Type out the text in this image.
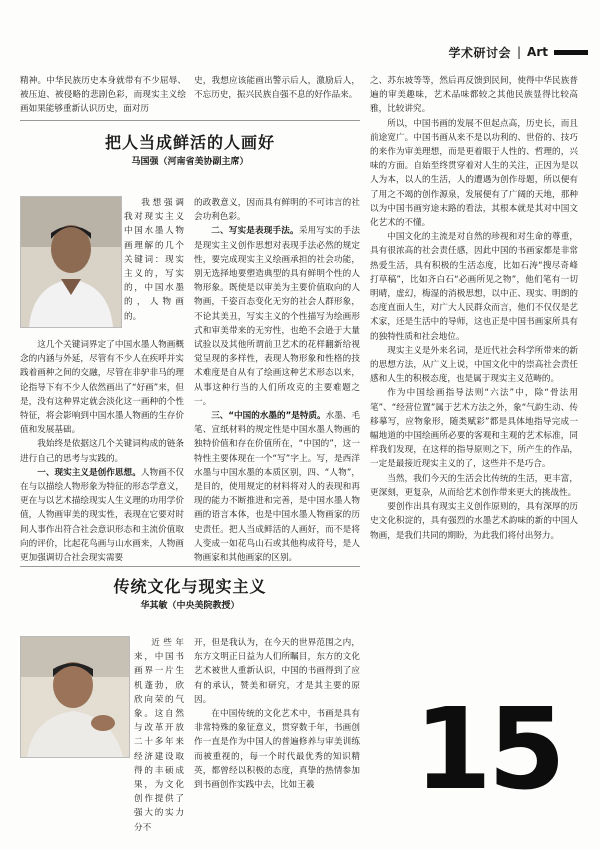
学术研讨会 | Art

精神。中华民族历史本身就带有不少屈辱、被压迫、被侵略的悲剧色彩，而现实主义绘画如果能够重新认识历史，面对历

史，我想应该能画出警示后人，激励后人，不忘历史，振兴民族自强不息的好作品来。

之、苏东坡等等，然后再反馈到民间，使得中华民族普遍的审美趣味，艺术品味都较之其他民族显得比较高雅，比较讲究。

所以，中国书画的发展不但起点高，历史长，而且前途宽广。中国书画从来不是以功利的、世俗的、技巧的来作为审美理想，而是更着眼于人性的、哲理的，兴味的方面。自始至终贯穿着对人生的关注，正因为是以人为本，以人的生活，人的遭遇为创作母题，所以便有了用之不竭的创作源泉，发展便有了广阔的天地，那种以为中国书画穷途末路的看法，其根本就是其对中国文化艺术的不懂。

中国文化的主流是对自然的珍视和对生命的尊重，具有很浓高的社会责任感，因此中国的书画家都是非常热爱生活，具有积极的生活态度，比如石涛“搜尽奇峰打草稿”，比如齐白石“必画所见之物”，他们笔有一切明晴，虚幻，梅湿的消极思想，以中正、现实、明朗的态度直面人生，对广大人民群众而言，他们不仅仅是艺术家，还是生活中的导师，这也正是中国书画家所具有的独特性质和社会地位。

现实主义是外来名词，是近代社会科学所带来的新的思想方法，从广义上说，中国文化中的崇高社会责任感和人生的积极态度，也是属于现实主义范畴的。

作为中国绘画指导法则“六法”中，除“骨法用笔”、“经营位置”属于艺术方法之外，象“气韵生动、传移摹写，应物象形，随类赋彩”都是具体地指导完成一幅地道的中国绘画所必要的客观和主观的艺术标准，同样我们发现，在这样的指导原则之下，所产生的作品，一定是最接近现实主义的了，这些并不是巧合。

当然，我们今天的生活会比传统的生活，更丰富，更深刻，更复杂，从而给艺术创作带来更大的挑战性。

要创作出具有现实主义创作原则的，具有深厚的历史文化积淀的，具有强烈的水墨艺术韵味的新的中国人物画，是我们共同的期盼，为此我们将付出努力。

把人当成鲜活的人画好
马国强（河南省美协副主席）

我想强调我对现实主义中国水墨人物画理解的几个关键词：现实主义的，写实的，中国水墨的，人物画的。

这几个关键词界定了中国水墨人物画概念的内涵与外延，尽管有不少人在疾呼并实践着画种之间的交融，尽管在非驴非马的理论指导下有不少人依然画出了“好画”来，但是，没有这种界定就会淡化这一画种的个性特征，将会影响到中国水墨人物画的生存价值和发展基础。

我始终是依据这几个关键词构成的链条进行自己的思考与实践的。

一、现实主义是创作思想。人物画不仅在与以描绘人物形象为特征的形态学意义，更在与以艺术描绘现实人生义理的功用学价值，人物画审美的现实性，表现在它要对时间人事作出符合社会意识形态和主流价值取向的评价，比起花鸟画与山水画来，人物画更加强调切合社会现实需要

的政教意义，因而具有鲜明的不可讳言的社会功利色彩。

二、写实是表现手法。采用写实的手法是现实主义创作思想对表现手法必然的规定性，要完成现实主义绘画承担的社会功能，别无选择地要塑造典型的具有鲜明个性的人物形象。既使是以审美为主要价值取向的人物画，千姿百态变化无穷的社会人群形象，不论其美丑，写实主义的个性描写为绘画形式和审美带来的无穷性，也绝不会逊于大量试验以及其他所谓前卫艺术的花样翻新给视觉呈现的多样性，表现人物形象和性格的技术难度是自从有了绘画这种艺术形态以来，从事这种行当的人们所攻克的主要难题之一。

三、“中国的水墨的”是特质。水墨、毛笔、宣纸材料的规定性是中国水墨人物画的独特价值和存在价值所在，“中国的”，这一特性主要体现在一个“写”字上。写，是西洋水墨与中国水墨的本质区别，四、“人物”，是目的，使用规定的材料将对人的表现和再现的能力不断推进和完善，是中国水墨人物画的语言本体，也是中国水墨人物画家的历史责任。把人当成鲜活的人画好，而不是将人变成一如花鸟山石或其他构成符号，是人物画家和其他画家的区别。

传统文化与现实主义
华其敏（中央美院教授）

近些年来，中国书画界一片生机蓬勃，欣欣向荣的气象。这自然与改革开放二十多年来经济建设取得的丰硕成果，为文化创作提供了强大的实力分不

开，但是我认为，在今天的世界范围之内，东方文明正日益为人们所瞩目，东方的文化艺术被世人重新认识，中国的书画得到了应有的承认，赞美和研究，才是其主要的原因。

在中国传统的文化艺术中，书画是具有非常特殊的象征意义，贯穿数千年，书画创作一直是作为中国人的普遍修养与审美训练而被重视的，每一个时代最优秀的知识精英，都曾经以积极的态度，真挚的热情参加到书画创作实践中去，比如王羲 15
